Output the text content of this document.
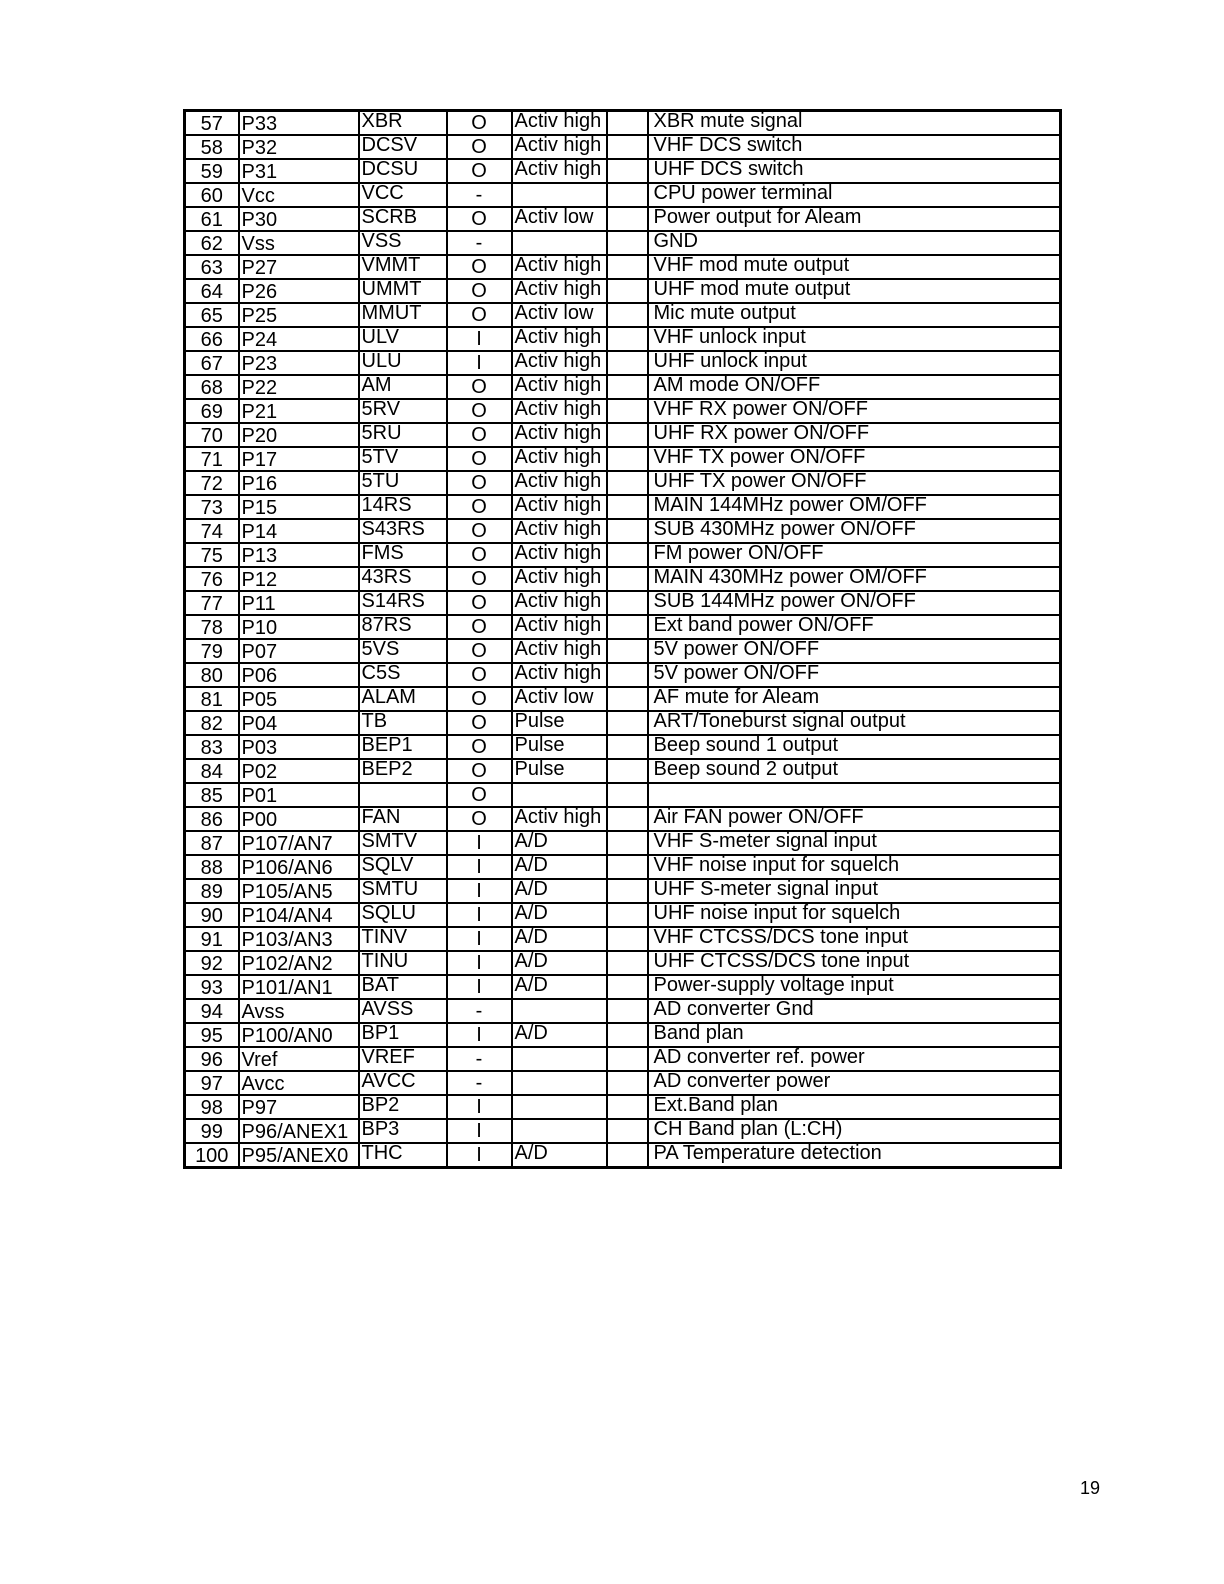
57	P33	XBR	O	Activ high		XBR mute signal
58	P32	DCSV	O	Activ high		VHF DCS switch
59	P31	DCSU	O	Activ high		UHF DCS switch
60	Vcc	VCC	-			CPU power terminal
61	P30	SCRB	O	Activ low		Power output for Aleam
62	Vss	VSS	-			GND
63	P27	VMMT	O	Activ high		VHF mod mute output
64	P26	UMMT	O	Activ high		UHF mod mute output
65	P25	MMUT	O	Activ low		Mic mute output
66	P24	ULV	I	Activ high		VHF unlock input
67	P23	ULU	I	Activ high		UHF unlock input
68	P22	AM	O	Activ high		AM mode ON/OFF
69	P21	5RV	O	Activ high		VHF RX power ON/OFF
70	P20	5RU	O	Activ high		UHF RX power ON/OFF
71	P17	5TV	O	Activ high		VHF TX power ON/OFF
72	P16	5TU	O	Activ high		UHF TX power ON/OFF
73	P15	14RS	O	Activ high		MAIN 144MHz power OM/OFF
74	P14	S43RS	O	Activ high		SUB 430MHz power ON/OFF
75	P13	FMS	O	Activ high		FM power ON/OFF
76	P12	43RS	O	Activ high		MAIN 430MHz power OM/OFF
77	P11	S14RS	O	Activ high		SUB 144MHz power ON/OFF
78	P10	87RS	O	Activ high		Ext band power ON/OFF
79	P07	5VS	O	Activ high		5V power ON/OFF
80	P06	C5S	O	Activ high		5V power ON/OFF
81	P05	ALAM	O	Activ low		AF mute for Aleam
82	P04	TB	O	Pulse		ART/Toneburst signal output
83	P03	BEP1	O	Pulse		Beep sound 1 output
84	P02	BEP2	O	Pulse		Beep sound 2 output
85	P01		O			
86	P00	FAN	O	Activ high		Air FAN power ON/OFF
87	P107/AN7	SMTV	I	A/D		VHF S-meter signal input
88	P106/AN6	SQLV	I	A/D		VHF noise input for squelch
89	P105/AN5	SMTU	I	A/D		UHF S-meter signal input
90	P104/AN4	SQLU	I	A/D		UHF noise input for squelch
91	P103/AN3	TINV	I	A/D		VHF CTCSS/DCS tone input
92	P102/AN2	TINU	I	A/D		UHF CTCSS/DCS tone input
93	P101/AN1	BAT	I	A/D		Power-supply voltage input
94	Avss	AVSS	-			AD converter Gnd
95	P100/AN0	BP1	I	A/D		Band plan
96	Vref	VREF	-			AD converter ref. power
97	Avcc	AVCC	-			AD converter power
98	P97	BP2	I			Ext.Band plan
99	P96/ANEX1	BP3	I			CH Band plan (L:CH)
100	P95/ANEX0	THC	I	A/D		PA Temperature detection
19
